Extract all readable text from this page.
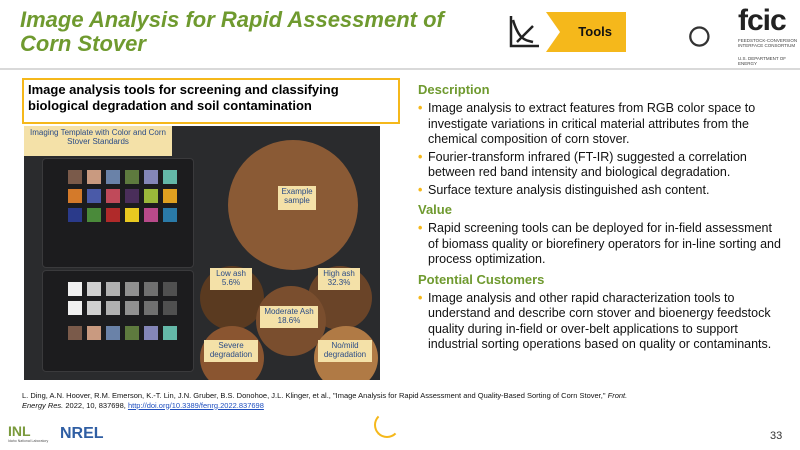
Image Analysis for Rapid Assessment of Corn Stover	Tools	fcic
FEEDSTOCK-CONVERSION INTERFACE CONSORTIUM
U.S. DEPARTMENT OF ENERGY
Image analysis tools for screening and classifying biological degradation and soil contamination
Imaging Template with Color and Corn Stover Standards
Example sample
Low ash 5.6%
High ash 32.3%
Moderate Ash 18.6%
Severe degradation
No/mild degradation
Description
• Image analysis to extract features from RGB color space to investigate variations in critical material attributes from the chemical composition of corn stover.
• Fourier-transform infrared (FT-IR) suggested a correlation between red band intensity and biological degradation.
• Surface texture analysis distinguished ash content.
Value
• Rapid screening tools can be deployed for in-field assessment of biomass quality or biorefinery operators for in-line sorting and process optimization.
Potential Customers
• Image analysis and other rapid characterization tools to understand and describe corn stover and bioenergy feedstock quality during in-field or over-belt applications to support industrial sorting operations based on quality or contaminants.
L. Ding, A.N. Hoover, R.M. Emerson, K.-T. Lin, J.N. Gruber, B.S. Donohoe, J.L. Klinger, et al., "Image Analysis for Rapid Assessment and Quality-Based Sorting of Corn Stover," Front. Energy Res. 2022, 10, 837698, http://doi.org/10.3389/fenrg.2022.837698
INL
Idaho National Laboratory NREL	33
